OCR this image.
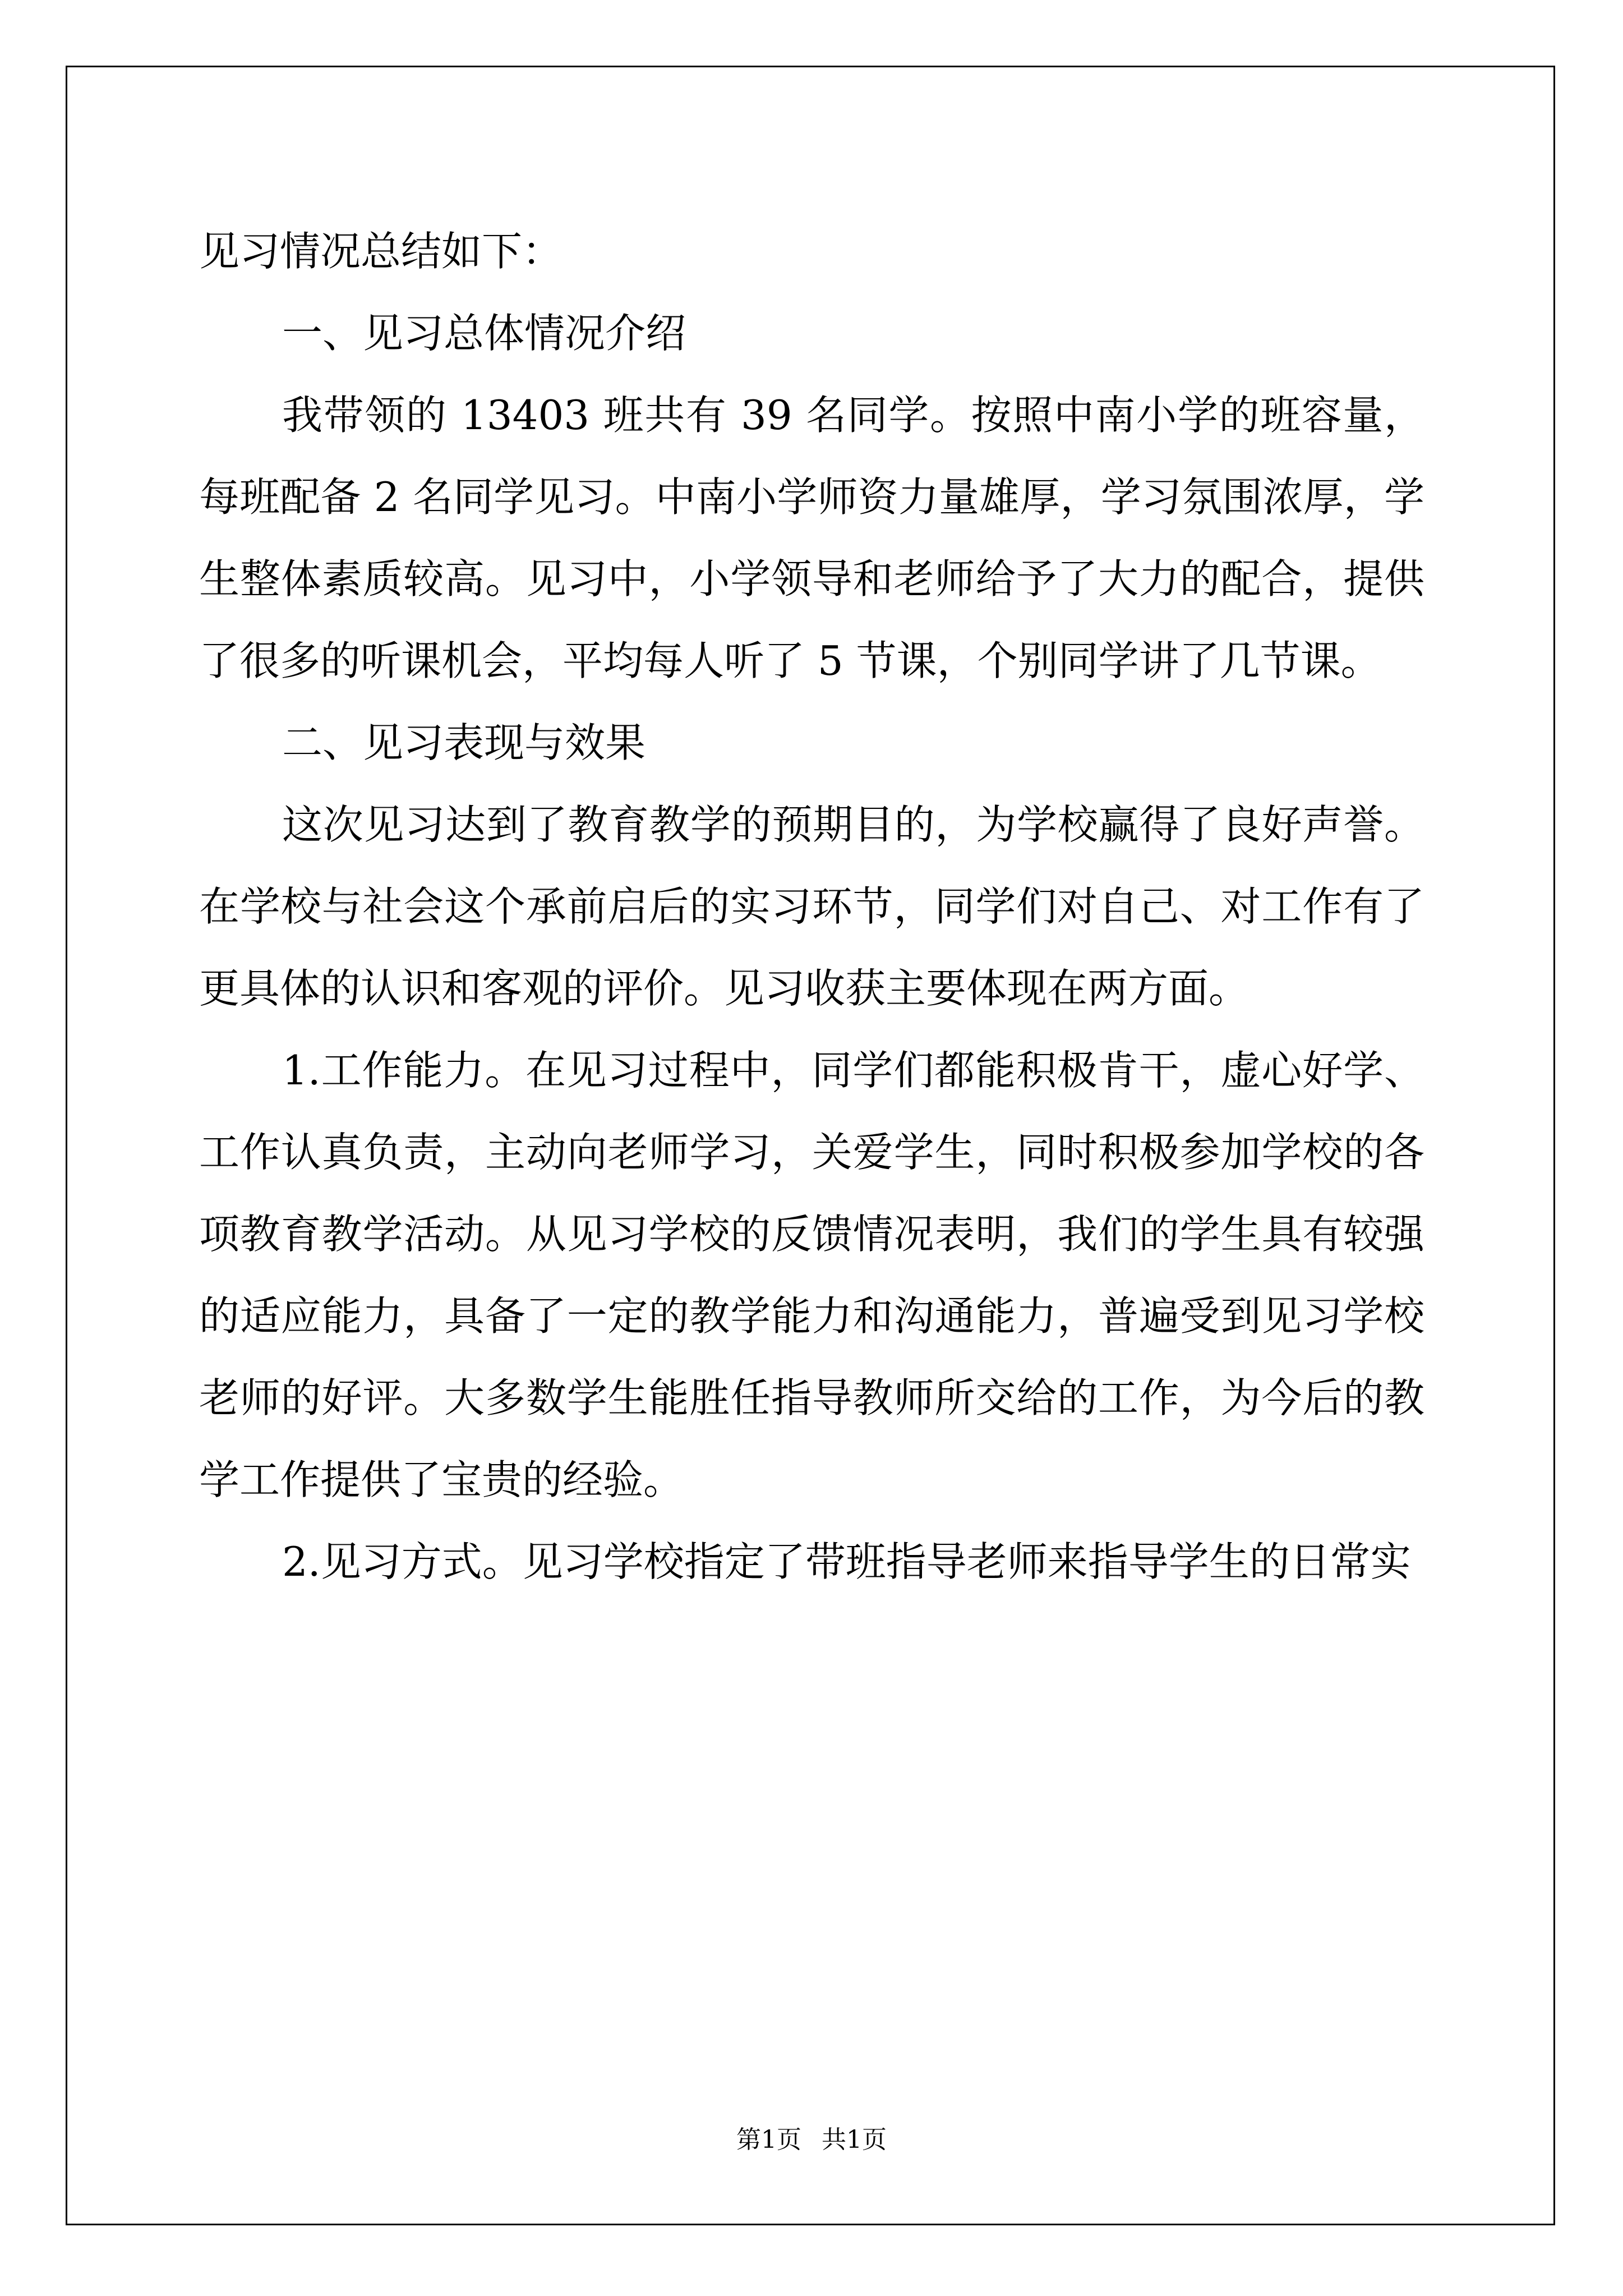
见习情况总结如下：

一、见习总体情况介绍

我带领的 13403 班共有 39 名同学。按照中南小学的班容量，每班配备 2 名同学见习。中南小学师资力量雄厚，学习氛围浓厚，学生整体素质较高。见习中，小学领导和老师给予了大力的配合，提供了很多的听课机会，平均每人听了 5 节课，个别同学讲了几节课。

二、见习表现与效果

这次见习达到了教育教学的预期目的，为学校赢得了良好声誉。在学校与社会这个承前启后的实习环节，同学们对自己、对工作有了更具体的认识和客观的评价。见习收获主要体现在两方面。

1.工作能力。在见习过程中，同学们都能积极肯干，虚心好学、工作认真负责，主动向老师学习，关爱学生，同时积极参加学校的各项教育教学活动。从见习学校的反馈情况表明，我们的学生具有较强的适应能力，具备了一定的教学能力和沟通能力，普遍受到见习学校老师的好评。大多数学生能胜任指导教师所交给的工作，为今后的教学工作提供了宝贵的经验。

2.见习方式。见习学校指定了带班指导老师来指导学生的日常实

第1页 共1页
